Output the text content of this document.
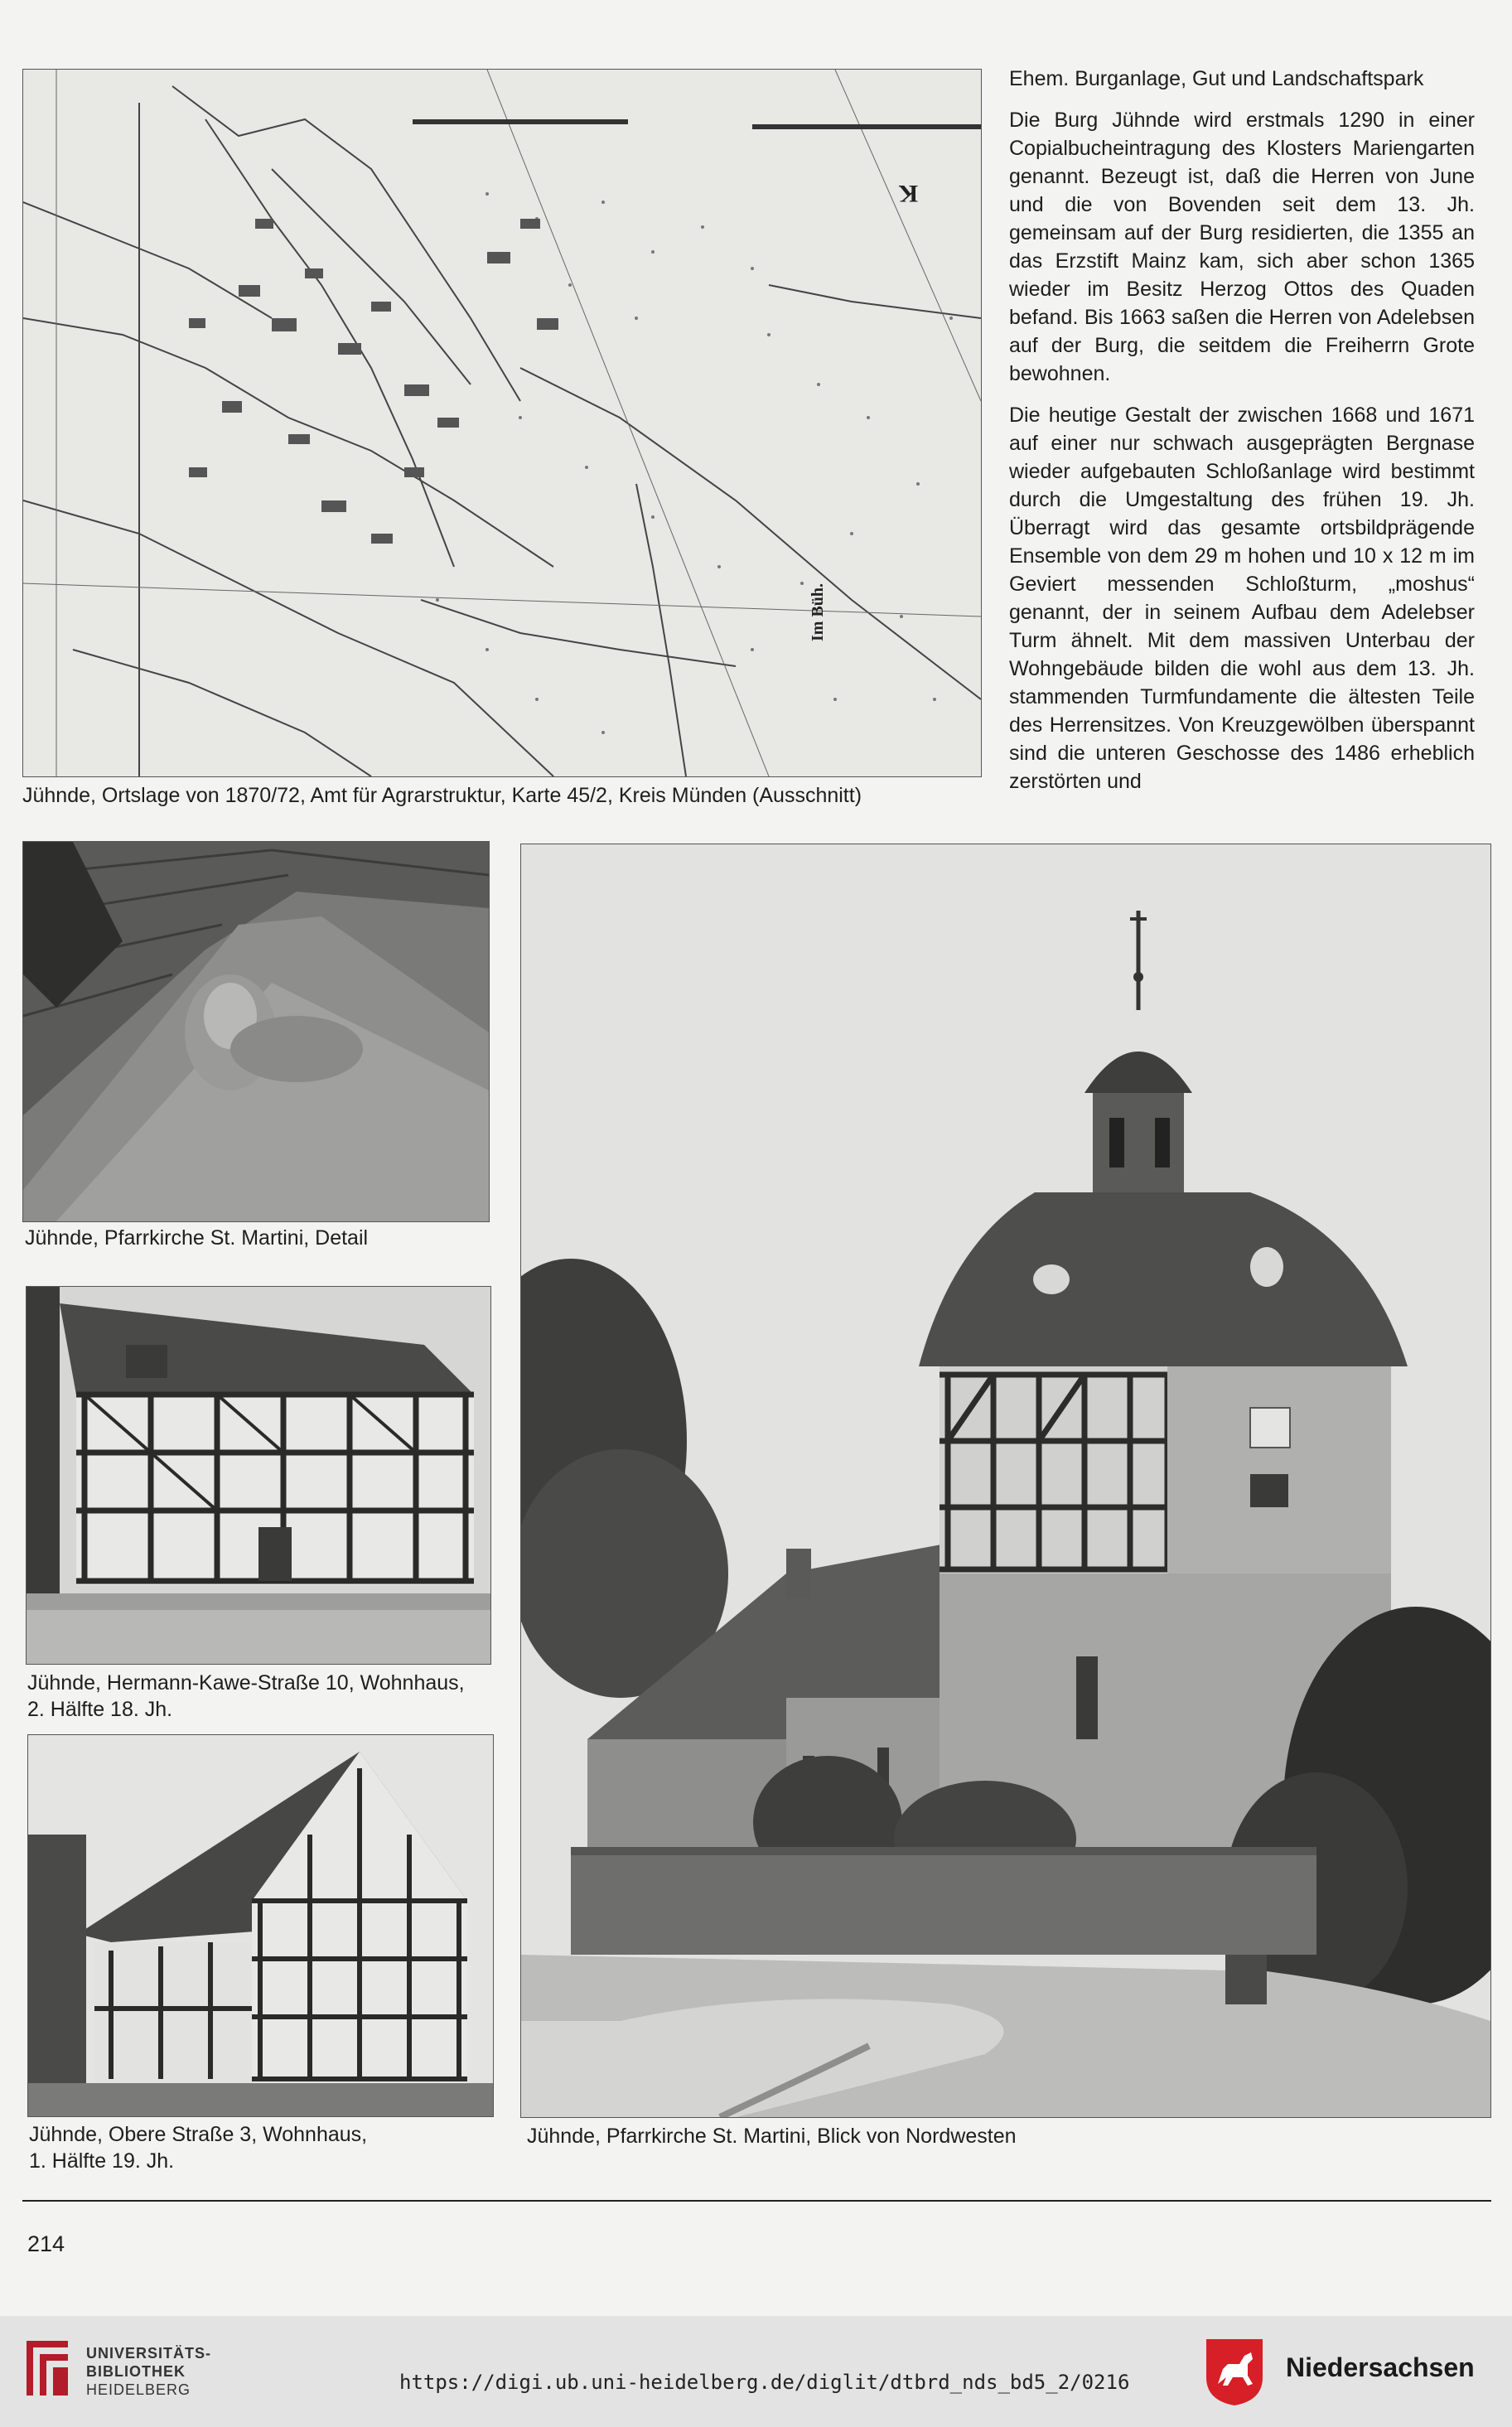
K
Im Büh.
Jühnde, Ortslage von 1870/72, Amt für Agrarstruktur, Karte 45/2, Kreis Münden (Ausschnitt)

Ehem. Burganlage, Gut und Landschaftspark

Die Burg Jühnde wird erstmals 1290 in einer Copialbucheintragung des Klosters Mariengarten genannt. Bezeugt ist, daß die Herren von June und die von Bovenden seit dem 13. Jh. gemeinsam auf der Burg residierten, die 1355 an das Erzstift Mainz kam, sich aber schon 1365 wieder im Besitz Herzog Ottos des Quaden befand. Bis 1663 saßen die Herren von Adelebsen auf der Burg, die seitdem die Freiherrn Grote bewohnen.

Die heutige Gestalt der zwischen 1668 und 1671 auf einer nur schwach ausgeprägten Bergnase wieder aufgebauten Schloßanlage wird bestimmt durch die Umgestaltung des frühen 19. Jh. Überragt wird das gesamte ortsbildprägende Ensemble von dem 29 m hohen und 10 x 12 m im Geviert messenden Schloßturm, „moshus“ genannt, der in seinem Aufbau dem Adelebser Turm ähnelt. Mit dem massiven Unterbau der Wohngebäude bilden die wohl aus dem 13. Jh. stammenden Turmfundamente die ältesten Teile des Herrensitzes. Von Kreuzgewölben überspannt sind die unteren Geschosse des 1486 erheblich zerstörten und

Jühnde, Pfarrkirche St. Martini, Detail
Jühnde, Hermann-Kawe-Straße 10, Wohnhaus,
2. Hälfte 18. Jh.
Jühnde, Obere Straße 3, Wohnhaus,
1. Hälfte 19. Jh.
Jühnde, Pfarrkirche St. Martini, Blick von Nordwesten
214
UNIVERSITÄTS-
BIBLIOTHEK
HEIDELBERG	https://digi.ub.uni-heidelberg.de/diglit/dtbrd_nds_bd5_2/0216	Niedersachsen
